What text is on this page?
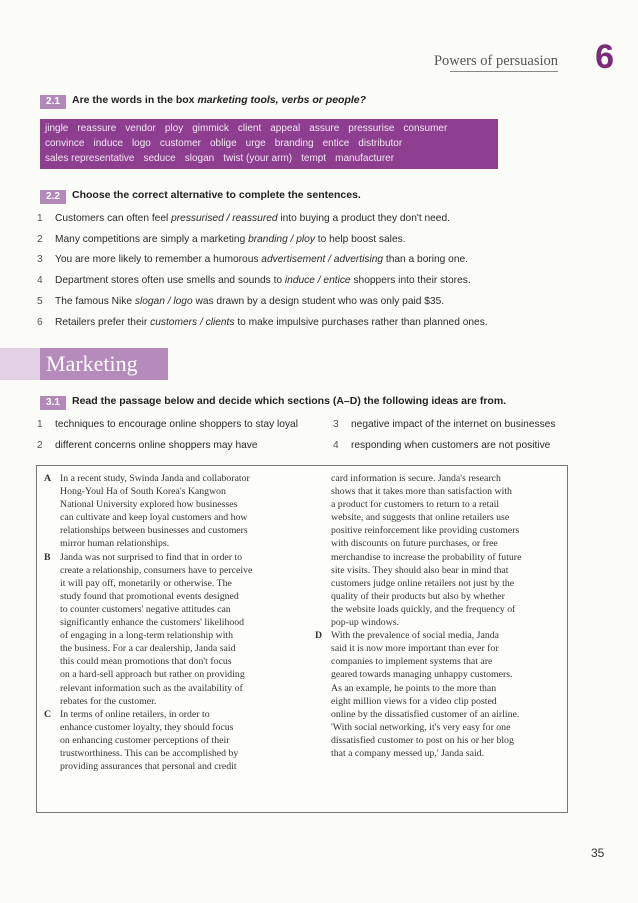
Powers of persuasion 6
2.1	Are the words in the box marketing tools, verbs or people?
jingle reassure vendor ploy gimmick client appeal assure pressurise consumer
convince induce logo customer oblige urge branding entice distributor
sales representative seduce slogan twist (your arm) tempt manufacturer
2.2	Choose the correct alternative to complete the sentences.
1 Customers can often feel pressurised / reassured into buying a product they don't need.
2 Many competitions are simply a marketing branding / ploy to help boost sales.
3 You are more likely to remember a humorous advertisement / advertising than a boring one.
4 Department stores often use smells and sounds to induce / entice shoppers into their stores.
5 The famous Nike slogan / logo was drawn by a design student who was only paid $35.
6 Retailers prefer their customers / clients to make impulsive purchases rather than planned ones.
Marketing
3.1	Read the passage below and decide which sections (A–D) the following ideas are from.
1 techniques to encourage online shoppers to stay loyal
2 different concerns online shoppers may have
3 negative impact of the internet on businesses
4 responding when customers are not positive
A In a recent study, Swinda Janda and collaborator
Hong-Youl Ha of South Korea's Kangwon
National University explored how businesses
can cultivate and keep loyal customers and how
relationships between businesses and customers
mirror human relationships.
B Janda was not surprised to find that in order to
create a relationship, consumers have to perceive
it will pay off, monetarily or otherwise. The
study found that promotional events designed
to counter customers' negative attitudes can
significantly enhance the customers' likelihood
of engaging in a long-term relationship with
the business. For a car dealership, Janda said
this could mean promotions that don't focus
on a hard-sell approach but rather on providing
relevant information such as the availability of
rebates for the customer.
C In terms of online retailers, in order to
enhance customer loyalty, they should focus
on enhancing customer perceptions of their
trustworthiness. This can be accomplished by
providing assurances that personal and credit
card information is secure. Janda's research
shows that it takes more than satisfaction with
a product for customers to return to a retail
website, and suggests that online retailers use
positive reinforcement like providing customers
with discounts on future purchases, or free
merchandise to increase the probability of future
site visits. They should also bear in mind that
customers judge online retailers not just by the
quality of their products but also by whether
the website loads quickly, and the frequency of
pop-up windows.
D With the prevalence of social media, Janda
said it is now more important than ever for
companies to implement systems that are
geared towards managing unhappy customers.
As an example, he points to the more than
eight million views for a video clip posted
online by the dissatisfied customer of an airline.
'With social networking, it's very easy for one
dissatisfied customer to post on his or her blog
that a company messed up,' Janda said.
35
